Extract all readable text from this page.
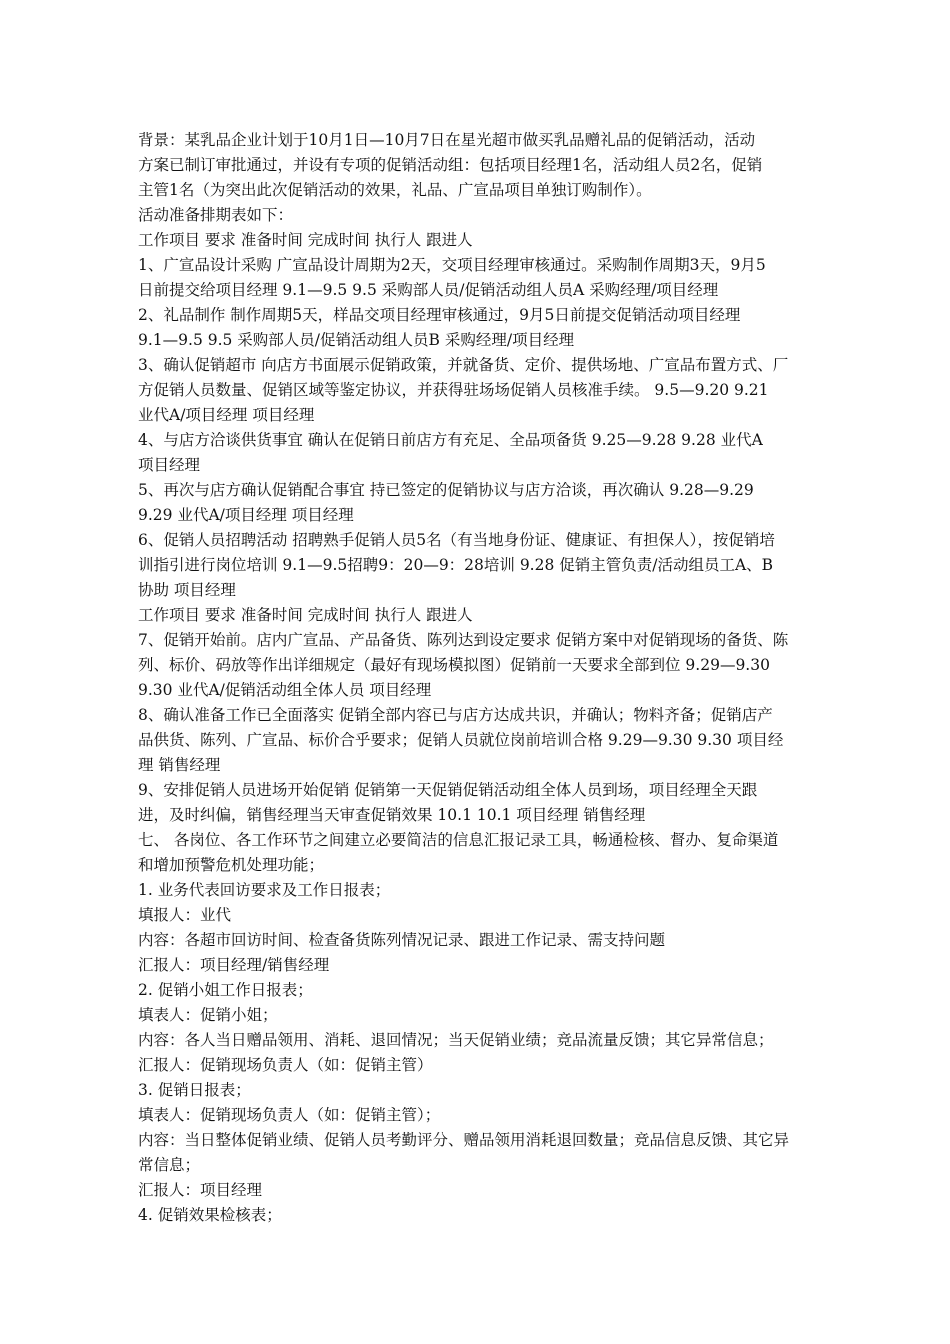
背景：某乳品企业计划于10月1日—10月7日在星光超市做买乳品赠礼品的促销活动，活动
方案已制订审批通过，并设有专项的促销活动组：包括项目经理1名，活动组人员2名，促销
主管1名（为突出此次促销活动的效果，礼品、广宣品项目单独订购制作）。
活动准备排期表如下：
工作项目 要求 准备时间 完成时间 执行人 跟进人
1、广宣品设计采购 广宣品设计周期为2天，交项目经理审核通过。采购制作周期3天，9月5
日前提交给项目经理 9.1—9.5 9.5 采购部人员/促销活动组人员A 采购经理/项目经理
2、礼品制作 制作周期5天，样品交项目经理审核通过，9月5日前提交促销活动项目经理
9.1—9.5 9.5 采购部人员/促销活动组人员B 采购经理/项目经理
3、确认促销超市 向店方书面展示促销政策，并就备货、定价、提供场地、广宣品布置方式、厂
方促销人员数量、促销区域等鉴定协议，并获得驻场场促销人员核准手续。 9.5—9.20 9.21
业代A/项目经理 项目经理
4、与店方洽谈供货事宜 确认在促销日前店方有充足、全品项备货 9.25—9.28 9.28 业代A
项目经理
5、再次与店方确认促销配合事宜 持已签定的促销协议与店方洽谈，再次确认 9.28—9.29
9.29 业代A/项目经理 项目经理
6、促销人员招聘活动 招聘熟手促销人员5名（有当地身份证、健康证、有担保人），按促销培
训指引进行岗位培训 9.1—9.5招聘9：20—9：28培训 9.28 促销主管负责/活动组员工A、B
协助 项目经理
工作项目 要求 准备时间 完成时间 执行人 跟进人
7、促销开始前。店内广宣品、产品备货、陈列达到设定要求 促销方案中对促销现场的备货、陈
列、标价、码放等作出详细规定（最好有现场模拟图）促销前一天要求全部到位 9.29—9.30
9.30 业代A/促销活动组全体人员 项目经理
8、确认准备工作已全面落实 促销全部内容已与店方达成共识，并确认；物料齐备；促销店产
品供货、陈列、广宣品、标价合乎要求；促销人员就位岗前培训合格 9.29—9.30 9.30 项目经
理 销售经理
9、安排促销人员进场开始促销 促销第一天促销促销活动组全体人员到场，项目经理全天跟
进，及时纠偏，销售经理当天审查促销效果 10.1 10.1 项目经理 销售经理
七、 各岗位、各工作环节之间建立必要简洁的信息汇报记录工具，畅通检核、督办、复命渠道
和增加预警危机处理功能；
1. 业务代表回访要求及工作日报表；
填报人：业代
内容：各超市回访时间、检查备货陈列情况记录、跟进工作记录、需支持问题
汇报人：项目经理/销售经理
2. 促销小姐工作日报表；
填表人：促销小姐；
内容：各人当日赠品领用、消耗、退回情况；当天促销业绩；竞品流量反馈；其它异常信息；
汇报人：促销现场负责人（如：促销主管）
3. 促销日报表；
填表人：促销现场负责人（如：促销主管）；
内容：当日整体促销业绩、促销人员考勤评分、赠品领用消耗退回数量；竞品信息反馈、其它异
常信息；
汇报人：项目经理
4. 促销效果检核表；
